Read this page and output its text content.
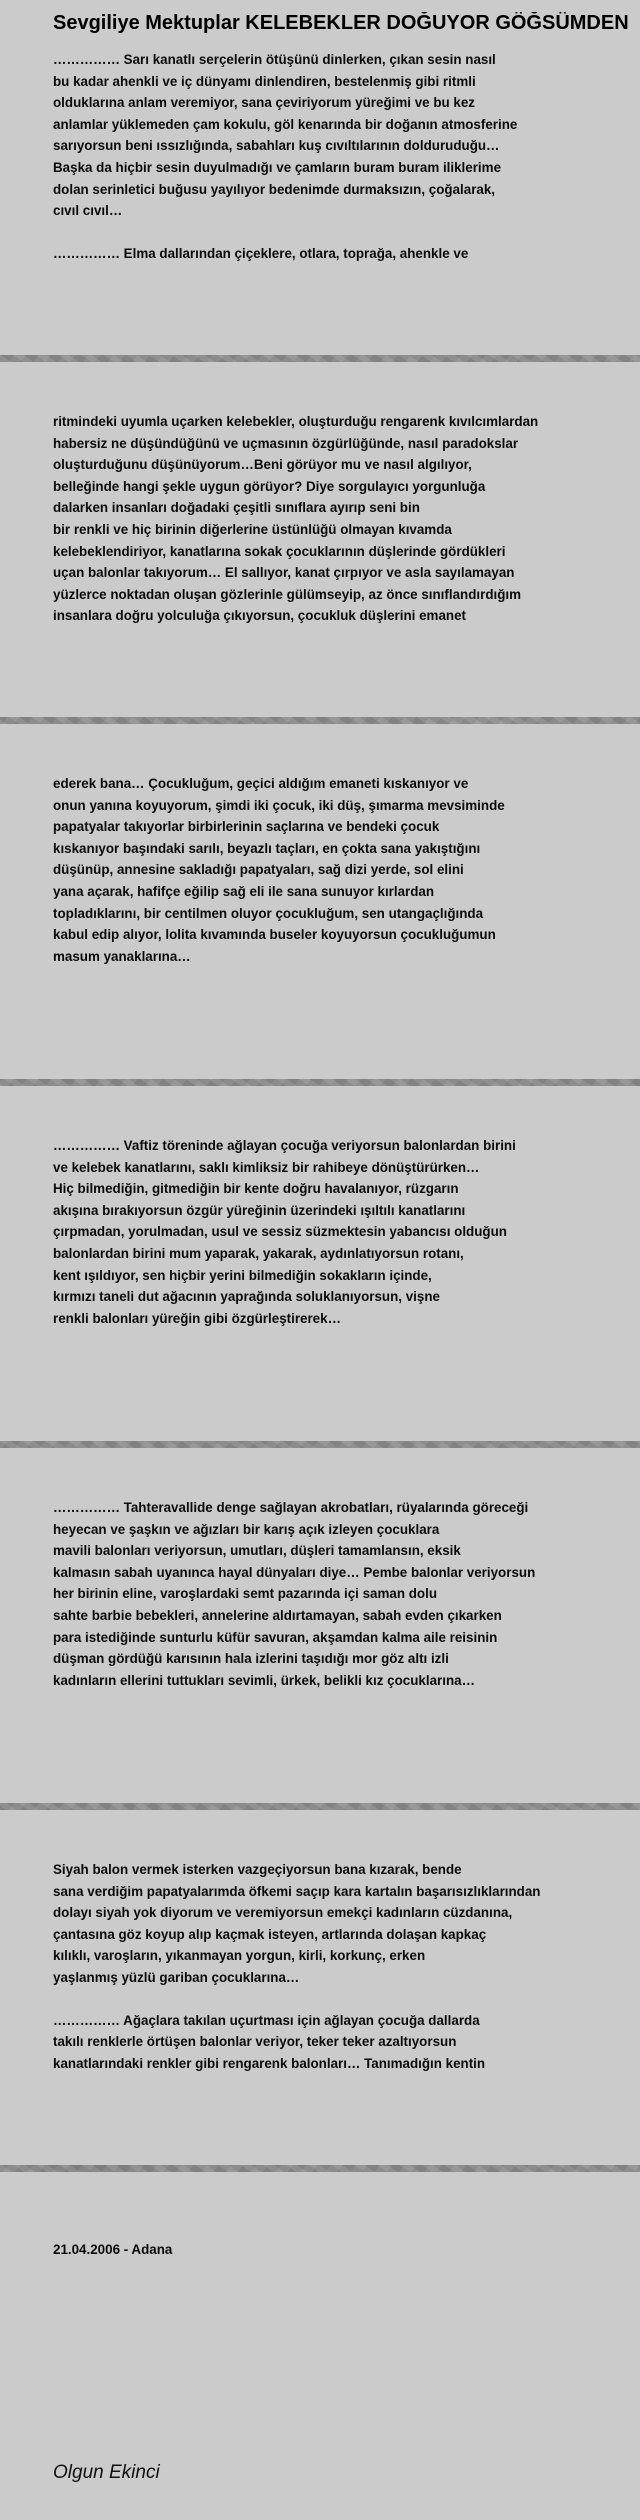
Sevgiliye Mektuplar KELEBEKLER DOĞUYOR GÖĞSÜMDEN

…………… Sarı kanatlı serçelerin ötüşünü dinlerken, çıkan sesin nasıl
bu kadar ahenkli ve iç dünyamı dinlendiren, bestelenmiş gibi ritmli
olduklarına anlam veremiyor, sana çeviriyorum yüreğimi ve bu kez
anlamlar yüklemeden çam kokulu, göl kenarında bir doğanın atmosferine
sarıyorsun beni ıssızlığında, sabahları kuş cıvıltılarının dolduruduğu…
Başka da hiçbir sesin duyulmadığı ve çamların buram buram iliklerime
dolan serinletici buğusu yayılıyor bedenimde durmaksızın, çoğalarak,
cıvıl cıvıl…

…………… Elma dallarından çiçeklere, otlara, toprağa, ahenkle ve

ritmindeki uyumla uçarken kelebekler, oluşturduğu rengarenk kıvılcımlardan
habersiz ne düşündüğünü ve uçmasının özgürlüğünde, nasıl paradokslar
oluşturduğunu düşünüyorum…Beni görüyor mu ve nasıl algılıyor,
belleğinde hangi şekle uygun görüyor? Diye sorgulayıcı yorgunluğa
dalarken insanları doğadaki çeşitli sınıflara ayırıp seni bin
bir renkli ve hiç birinin diğerlerine üstünlüğü olmayan kıvamda
kelebeklendiriyor, kanatlarına sokak çocuklarının düşlerinde gördükleri
uçan balonlar takıyorum… El sallıyor, kanat çırpıyor ve asla sayılamayan
yüzlerce noktadan oluşan gözlerinle gülümseyip, az önce sınıflandırdığım
insanlara doğru yolculuğa çıkıyorsun, çocukluk düşlerini emanet

ederek bana… Çocukluğum, geçici aldığım emaneti kıskanıyor ve
onun yanına koyuyorum, şimdi iki çocuk, iki düş, şımarma mevsiminde
papatyalar takıyorlar birbirlerinin saçlarına ve bendeki çocuk
kıskanıyor başındaki sarılı, beyazlı taçları, en çokta sana yakıştığını
düşünüp, annesine sakladığı papatyaları, sağ dizi yerde, sol elini
yana açarak, hafifçe eğilip sağ eli ile sana sunuyor kırlardan
topladıklarını, bir centilmen oluyor çocukluğum, sen utangaçlığında
kabul edip alıyor, lolita kıvamında buseler koyuyorsun çocukluğumun
masum yanaklarına…

…………… Vaftiz töreninde ağlayan çocuğa veriyorsun balonlardan birini
ve kelebek kanatlarını, saklı kimliksiz bir rahibeye dönüştürürken…
Hiç bilmediğin, gitmediğin bir kente doğru havalanıyor, rüzgarın
akışına bırakıyorsun özgür yüreğinin üzerindeki ışıltılı kanatlarını
çırpmadan, yorulmadan, usul ve sessiz süzmektesin yabancısı olduğun
balonlardan birini mum yaparak, yakarak, aydınlatıyorsun rotanı,
kent ışıldıyor, sen hiçbir yerini bilmediğin sokakların içinde,
kırmızı taneli dut ağacının yaprağında soluklanıyorsun, vişne
renkli balonları yüreğin gibi özgürleştirerek…

…………… Tahteravallide denge sağlayan akrobatları, rüyalarında göreceği
heyecan ve şaşkın ve ağızları bir karış açık izleyen çocuklara
mavili balonları veriyorsun, umutları, düşleri tamamlansın, eksik
kalmasın sabah uyanınca hayal dünyaları diye… Pembe balonlar veriyorsun
her birinin eline, varoşlardaki semt pazarında içi saman dolu
sahte barbie bebekleri, annelerine aldırtamayan, sabah evden çıkarken
para istediğinde sunturlu küfür savuran, akşamdan kalma aile reisinin
düşman gördüğü karısının hala izlerini taşıdığı mor göz altı izli
kadınların ellerini tuttukları sevimli, ürkek, belikli kız çocuklarına…

Siyah balon vermek isterken vazgeçiyorsun bana kızarak, bende
sana verdiğim papatyalarımda öfkemi saçıp kara kartalın başarısızlıklarından
dolayı siyah yok diyorum ve veremiyorsun emekçi kadınların cüzdanına,
çantasına göz koyup alıp kaçmak isteyen, artlarında dolaşan kapkaç
kılıklı, varoşların, yıkanmayan yorgun, kirli, korkunç, erken
yaşlanmış yüzlü gariban çocuklarına…

…………… Ağaçlara takılan uçurtması için ağlayan çocuğa dallarda
takılı renklerle örtüşen balonlar veriyor, teker teker azaltıyorsun
kanatlarındaki renkler gibi rengarenk balonları… Tanımadığın kentin

21.04.2006 - Adana
Olgun Ekinci
